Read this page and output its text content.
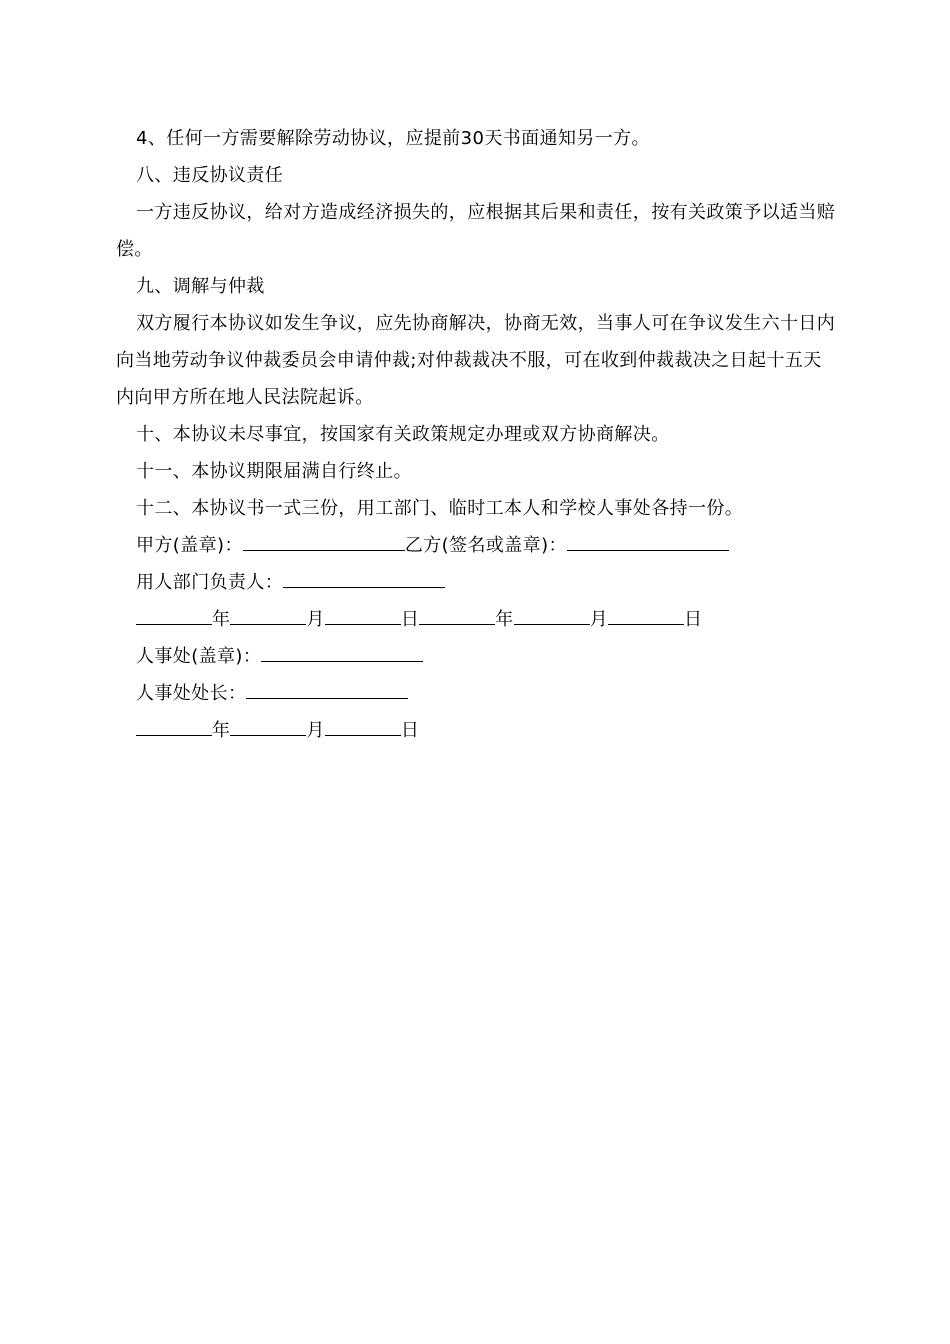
4、任何一方需要解除劳动协议，应提前30天书面通知另一方。

八、违反协议责任

一方违反协议，给对方造成经济损失的，应根据其后果和责任，按有关政策予以适当赔偿。

九、调解与仲裁

双方履行本协议如发生争议，应先协商解决，协商无效，当事人可在争议发生六十日内向当地劳动争议仲裁委员会申请仲裁;对仲裁裁决不服，可在收到仲裁裁决之日起十五天内向甲方所在地人民法院起诉。

十、本协议未尽事宜，按国家有关政策规定办理或双方协商解决。

十一、本协议期限届满自行终止。

十二、本协议书一式三份，用工部门、临时工本人和学校人事处各持一份。

甲方(盖章)：	乙方(签名或盖章)：

用人部门负责人：

年	月	日	年	月	日

人事处(盖章)：

人事处处长：

年	月	日
